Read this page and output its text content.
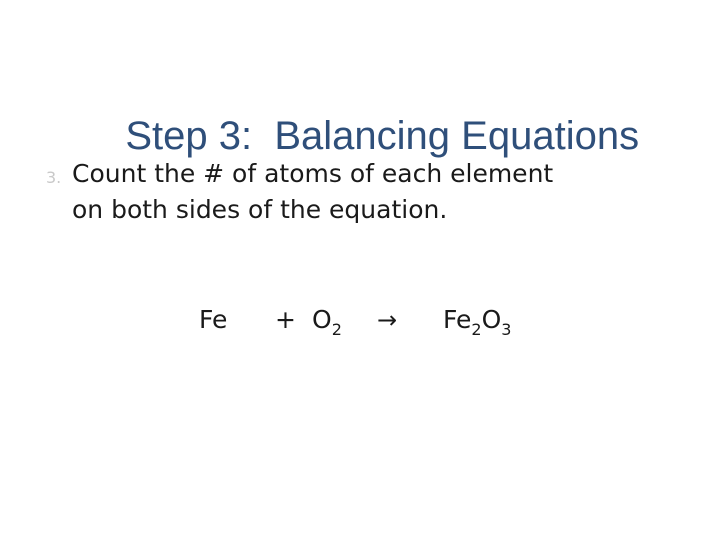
Step 3:  Balancing Equations

3. Count the # of atoms of each element
on both sides of the equation.
$Fe + O_2 \to Fe_2O_3$
